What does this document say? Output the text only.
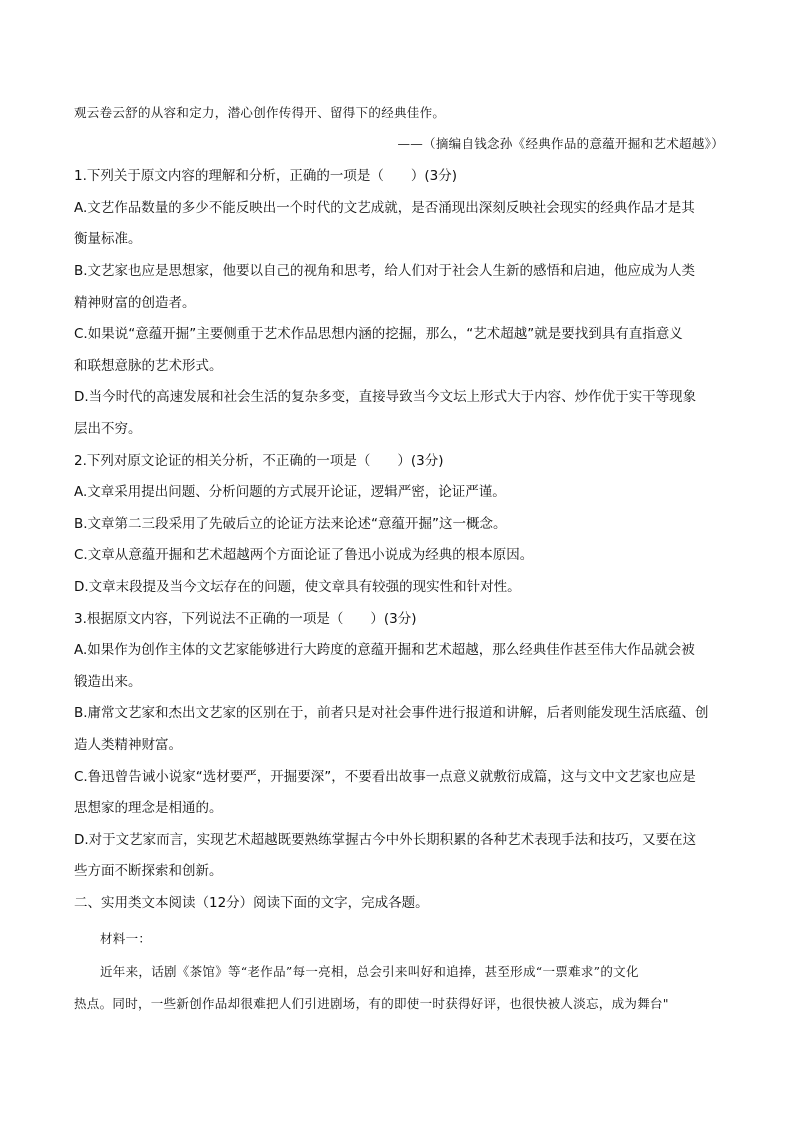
观云卷云舒的从容和定力，潜心创作传得开、留得下的经典佳作。
——（摘编自钱念孙《经典作品的意蕴开掘和艺术超越》）
1.下列关于原文内容的理解和分析，正确的一项是（　　）(3分)
A.文艺作品数量的多少不能反映出一个时代的文艺成就，是否涌现出深刻反映社会现实的经典作品才是其
衡量标准。
B.文艺家也应是思想家，他要以自己的视角和思考，给人们对于社会人生新的感悟和启迪，他应成为人类
精神财富的创造者。
C.如果说“意蕴开掘”主要侧重于艺术作品思想内涵的挖掘，那么，“艺术超越”就是要找到具有直指意义
和联想意脉的艺术形式。
D.当今时代的高速发展和社会生活的复杂多变，直接导致当今文坛上形式大于内容、炒作优于实干等现象
层出不穷。
2.下列对原文论证的相关分析，不正确的一项是（　　）(3分)
A.文章采用提出问题、分析问题的方式展开论证，逻辑严密，论证严谨。
B.文章第二三段采用了先破后立的论证方法来论述“意蕴开掘”这一概念。
C.文章从意蕴开掘和艺术超越两个方面论证了鲁迅小说成为经典的根本原因。
D.文章末段提及当今文坛存在的问题，使文章具有较强的现实性和针对性。
3.根据原文内容，下列说法不正确的一项是（　　）(3分)
A.如果作为创作主体的文艺家能够进行大跨度的意蕴开掘和艺术超越，那么经典佳作甚至伟大作品就会被
锻造出来。
B.庸常文艺家和杰出文艺家的区别在于，前者只是对社会事件进行报道和讲解，后者则能发现生活底蕴、创
造人类精神财富。
C.鲁迅曾告诫小说家“选材要严，开掘要深”，不要看出故事一点意义就敷衍成篇，这与文中文艺家也应是
思想家的理念是相通的。
D.对于文艺家而言，实现艺术超越既要熟练掌握古今中外长期积累的各种艺术表现手法和技巧，又要在这
些方面不断探索和创新。
二、实用类文本阅读（12分）阅读下面的文字，完成各题。
材料一：
近年来，话剧《茶馆》等“老作品”每一亮相，总会引来叫好和追捧，甚至形成“一票难求”的文化
热点。同时，一些新创作品却很难把人们引进剧场，有的即使一时获得好评，也很快被人淡忘，成为舞台"
